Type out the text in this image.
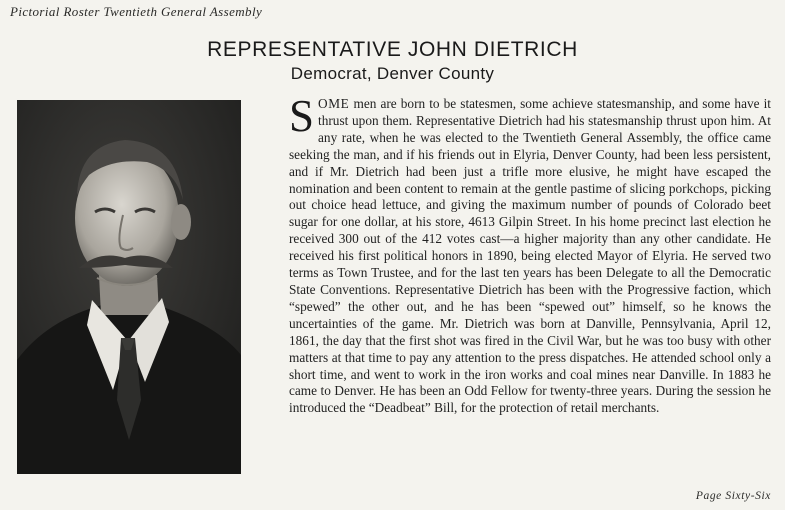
Pictorial Roster Twentieth General Assembly
REPRESENTATIVE JOHN DIETRICH
Democrat, Denver County

SOME men are born to be statesmen, some achieve statesmanship, and some have it thrust upon them. Representative Dietrich had his statesmanship thrust upon him. At any rate, when he was elected to the Twentieth General Assembly, the office came seeking the man, and if his friends out in Elyria, Denver County, had been less persistent, and if Mr. Dietrich had been just a trifle more elusive, he might have escaped the nomination and been content to remain at the gentle pastime of slicing porkchops, picking out choice head lettuce, and giving the maximum number of pounds of Colorado beet sugar for one dollar, at his store, 4613 Gilpin Street. In his home precinct last election he received 300 out of the 412 votes cast—a higher majority than any other candidate. He received his first political honors in 1890, being elected Mayor of Elyria. He served two terms as Town Trustee, and for the last ten years has been Delegate to all the Democratic State Conventions. Representative Dietrich has been with the Progressive faction, which “spewed” the other out, and he has been “spewed out” himself, so he knows the uncertainties of the game. Mr. Dietrich was born at Danville, Pennsylvania, April 12, 1861, the day that the first shot was fired in the Civil War, but he was too busy with other matters at that time to pay any attention to the press dispatches. He attended school only a short time, and went to work in the iron works and coal mines near Danville. In 1883 he came to Denver. He has been an Odd Fellow for twenty-three years. During the session he introduced the “Deadbeat” Bill, for the protection of retail merchants.

Page Sixty-Six
